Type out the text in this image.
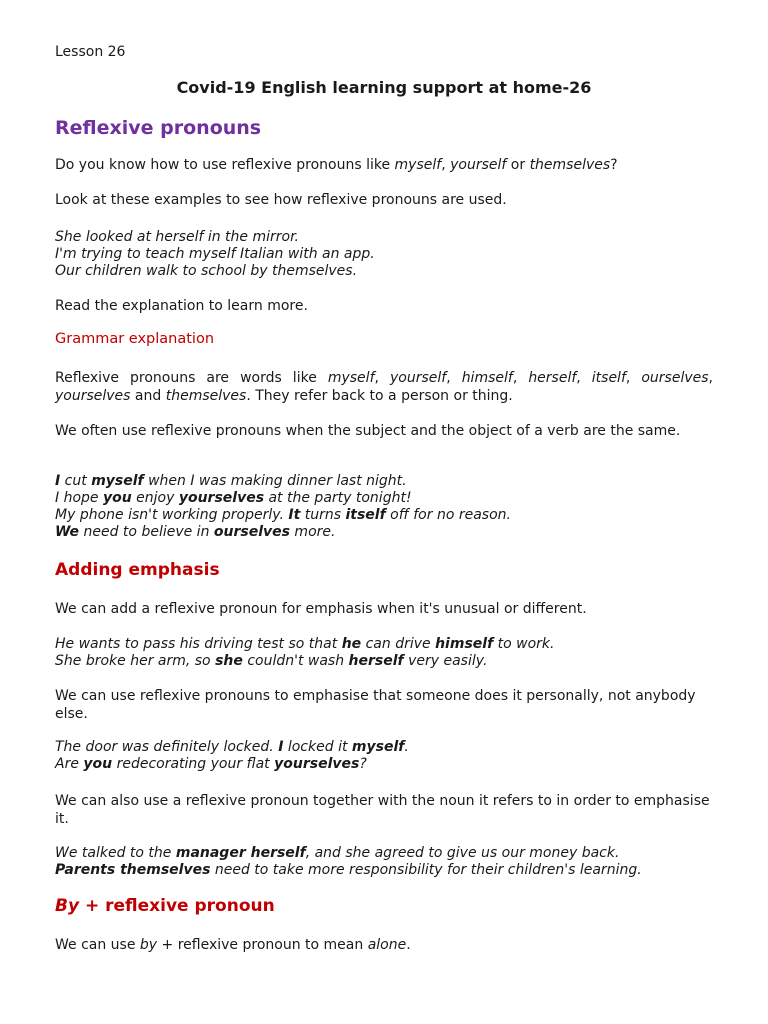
Lesson 26
Covid-19 English learning support at home-26
Reflexive pronouns
Do you know how to use reflexive pronouns like myself, yourself or themselves?
Look at these examples to see how reflexive pronouns are used.
She looked at herself in the mirror.
I'm trying to teach myself Italian with an app.
Our children walk to school by themselves.
Read the explanation to learn more.
Grammar explanation
Reflexive pronouns are words like myself, yourself, himself, herself, itself, ourselves, yourselves and themselves. They refer back to a person or thing.
We often use reflexive pronouns when the subject and the object of a verb are the same.
I cut myself when I was making dinner last night.
I hope you enjoy yourselves at the party tonight!
My phone isn't working properly. It turns itself off for no reason.
We need to believe in ourselves more.
Adding emphasis
We can add a reflexive pronoun for emphasis when it's unusual or different.
He wants to pass his driving test so that he can drive himself to work.
She broke her arm, so she couldn't wash herself very easily.
We can use reflexive pronouns to emphasise that someone does it personally, not anybody else.
The door was definitely locked. I locked it myself.
Are you redecorating your flat yourselves?
We can also use a reflexive pronoun together with the noun it refers to in order to emphasise it.
We talked to the manager herself, and she agreed to give us our money back.
Parents themselves need to take more responsibility for their children's learning.
By + reflexive pronoun
We can use by + reflexive pronoun to mean alone.
